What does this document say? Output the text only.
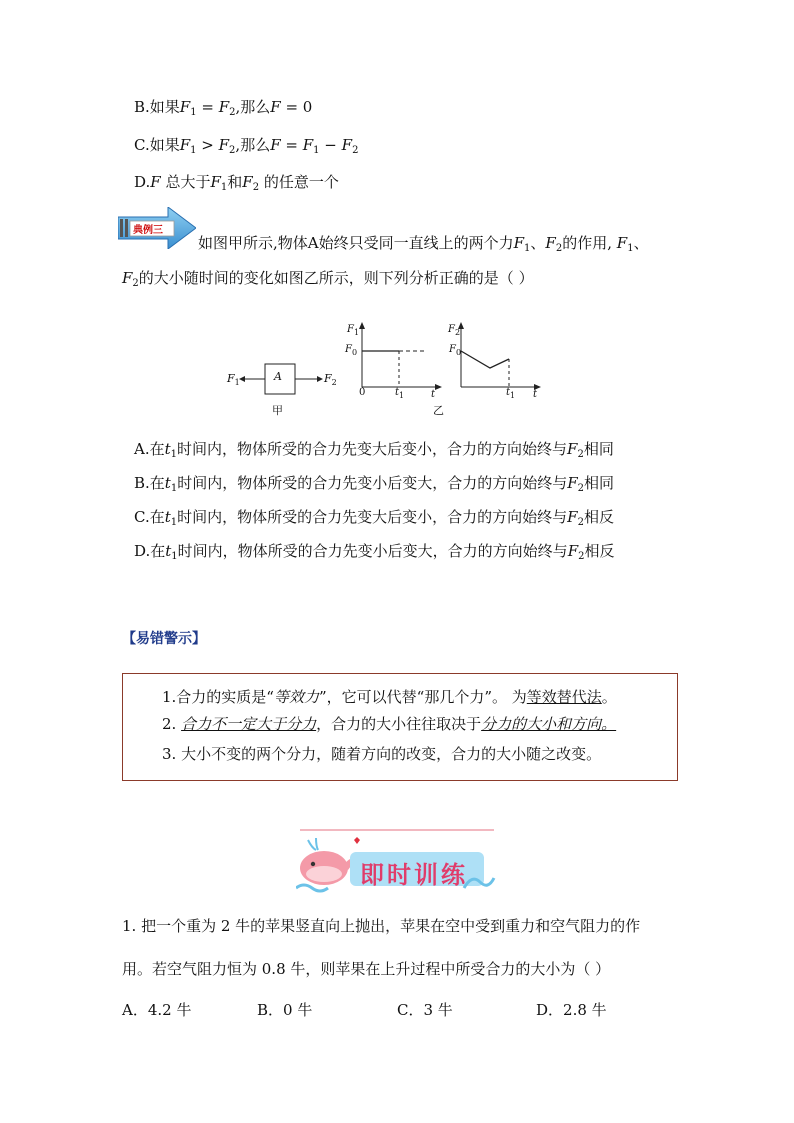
B.如果$F_1 = F_2$,那么F = 0
C.如果$F_1 > F_2$,那么$F = F_1 - F_2$
D.F 总大于$F_1$和$F_2$ 的任意一个
典例三
如图甲所示,物体A始终只受同一直线上的两个力$F_1$、$F_2$的作用, $F_1$、
$F_2$的大小随时间的变化如图乙所示，则下列分析正确的是（ ）
A
$F_1$	$F_2$
甲
$F_1$
$F_0$
0	$t_1$	t
$F_2$
$F_0$
乙
$t_1$ t
A.在$t_1$时间内，物体所受的合力先变大后变小，合力的方向始终与$F_2$相同
B.在$t_1$时间内，物体所受的合力先变小后变大，合力的方向始终与$F_2$相同
C.在$t_1$时间内，物体所受的合力先变大后变小，合力的方向始终与$F_2$相反
D.在$t_1$时间内，物体所受的合力先变小后变大，合力的方向始终与$F_2$相反
【易错警示】
1.合力的实质是“等效力”，它可以代替“那几个力”。 为等效替代法。
2. 合力不一定大于分力，合力的大小往往取决于分力的大小和方向。
3. 大小不变的两个分力，随着方向的改变，合力的大小随之改变。
即时训练
1. 把一个重为 2 牛的苹果竖直向上抛出，苹果在空中受到重力和空气阻力的作
用。若空气阻力恒为 0.8 牛，则苹果在上升过程中所受合力的大小为（ ）
A．4.2 牛	B．0 牛	C．3 牛	D．2.8 牛
